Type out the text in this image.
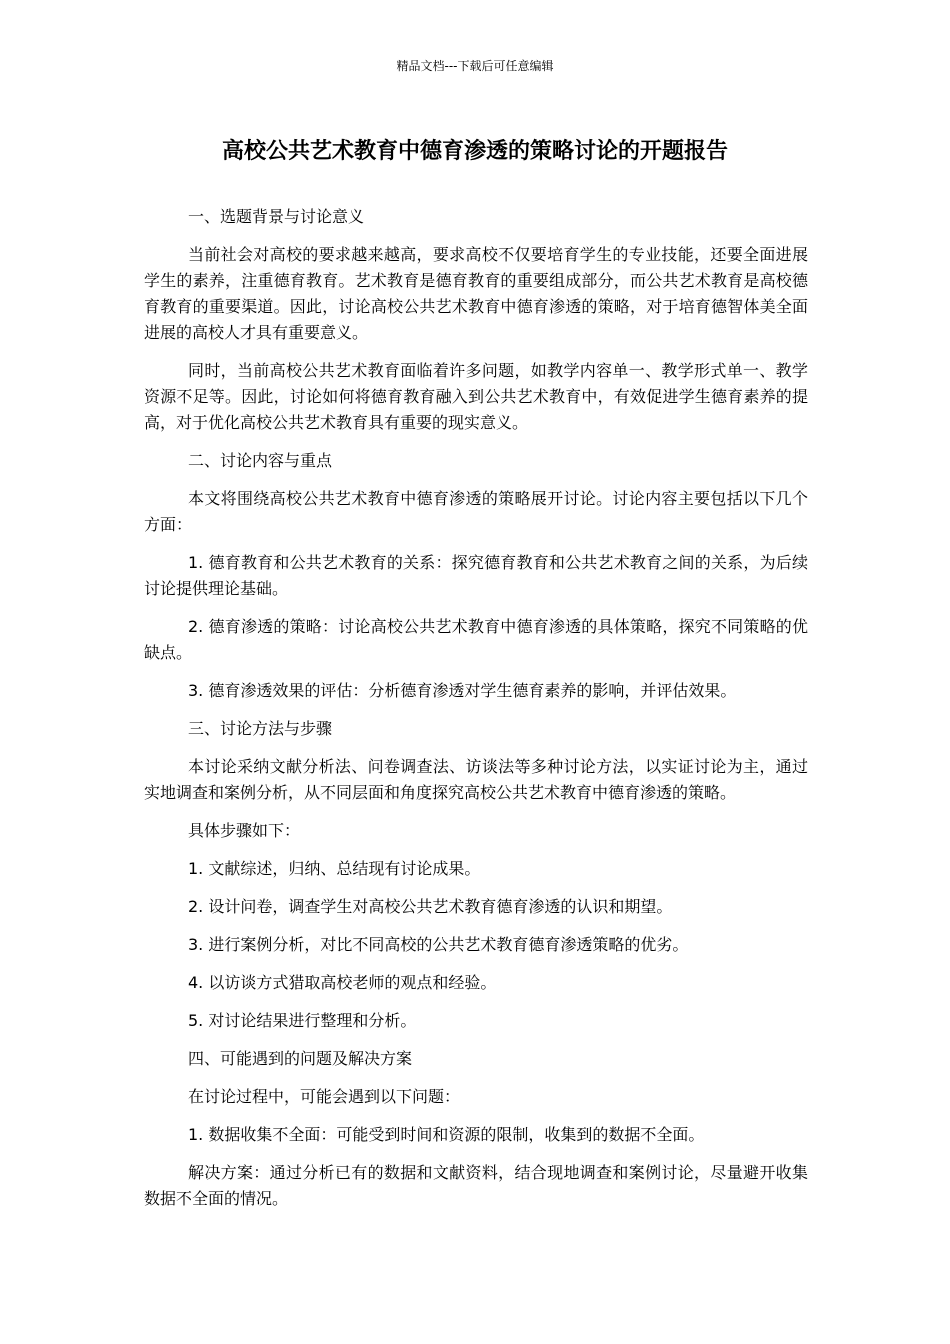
精品文档---下载后可任意编辑
高校公共艺术教育中德育渗透的策略讨论的开题报告

一、选题背景与讨论意义

当前社会对高校的要求越来越高，要求高校不仅要培育学生的专业技能，还要全面进展学生的素养，注重德育教育。艺术教育是德育教育的重要组成部分，而公共艺术教育是高校德育教育的重要渠道。因此，讨论高校公共艺术教育中德育渗透的策略，对于培育德智体美全面进展的高校人才具有重要意义。

同时，当前高校公共艺术教育面临着许多问题，如教学内容单一、教学形式单一、教学资源不足等。因此，讨论如何将德育教育融入到公共艺术教育中，有效促进学生德育素养的提高，对于优化高校公共艺术教育具有重要的现实意义。

二、讨论内容与重点

本文将围绕高校公共艺术教育中德育渗透的策略展开讨论。讨论内容主要包括以下几个方面：

1. 德育教育和公共艺术教育的关系：探究德育教育和公共艺术教育之间的关系，为后续讨论提供理论基础。

2. 德育渗透的策略：讨论高校公共艺术教育中德育渗透的具体策略，探究不同策略的优缺点。

3. 德育渗透效果的评估：分析德育渗透对学生德育素养的影响，并评估效果。

三、讨论方法与步骤

本讨论采纳文献分析法、问卷调查法、访谈法等多种讨论方法，以实证讨论为主，通过实地调查和案例分析，从不同层面和角度探究高校公共艺术教育中德育渗透的策略。

具体步骤如下：

1. 文献综述，归纳、总结现有讨论成果。

2. 设计问卷，调查学生对高校公共艺术教育德育渗透的认识和期望。

3. 进行案例分析，对比不同高校的公共艺术教育德育渗透策略的优劣。

4. 以访谈方式猎取高校老师的观点和经验。

5. 对讨论结果进行整理和分析。

四、可能遇到的问题及解决方案

在讨论过程中，可能会遇到以下问题：

1. 数据收集不全面：可能受到时间和资源的限制，收集到的数据不全面。

解决方案：通过分析已有的数据和文献资料，结合现地调查和案例讨论，尽量避开收集数据不全面的情况。
